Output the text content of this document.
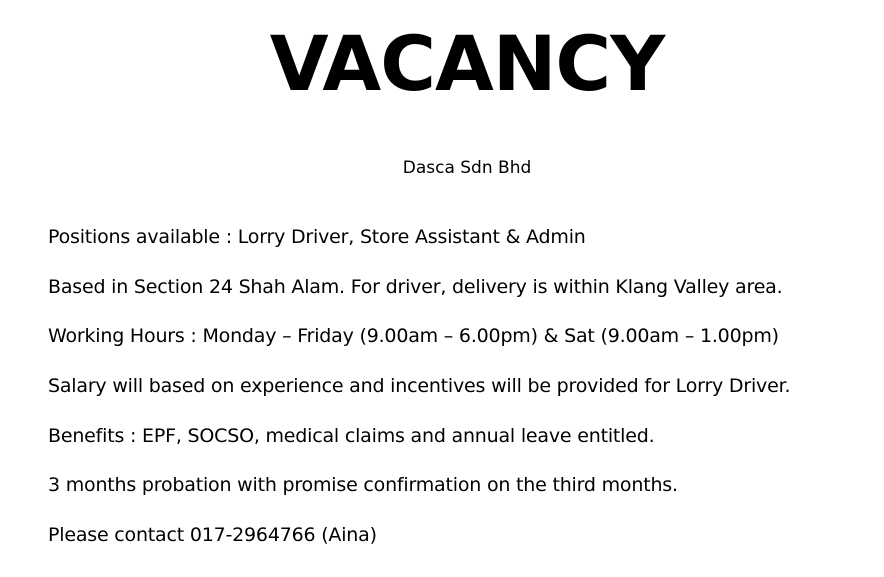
VACANCY
Dasca Sdn Bhd
Positions available : Lorry Driver, Store Assistant & Admin
Based in Section 24 Shah Alam. For driver, delivery is within Klang Valley area.
Working Hours : Monday – Friday (9.00am – 6.00pm) & Sat (9.00am – 1.00pm)
Salary will based on experience and incentives will be provided for Lorry Driver.
Benefits : EPF, SOCSO, medical claims and annual leave entitled.
3 months probation with promise confirmation on the third months.
Please contact 017-2964766 (Aina)
